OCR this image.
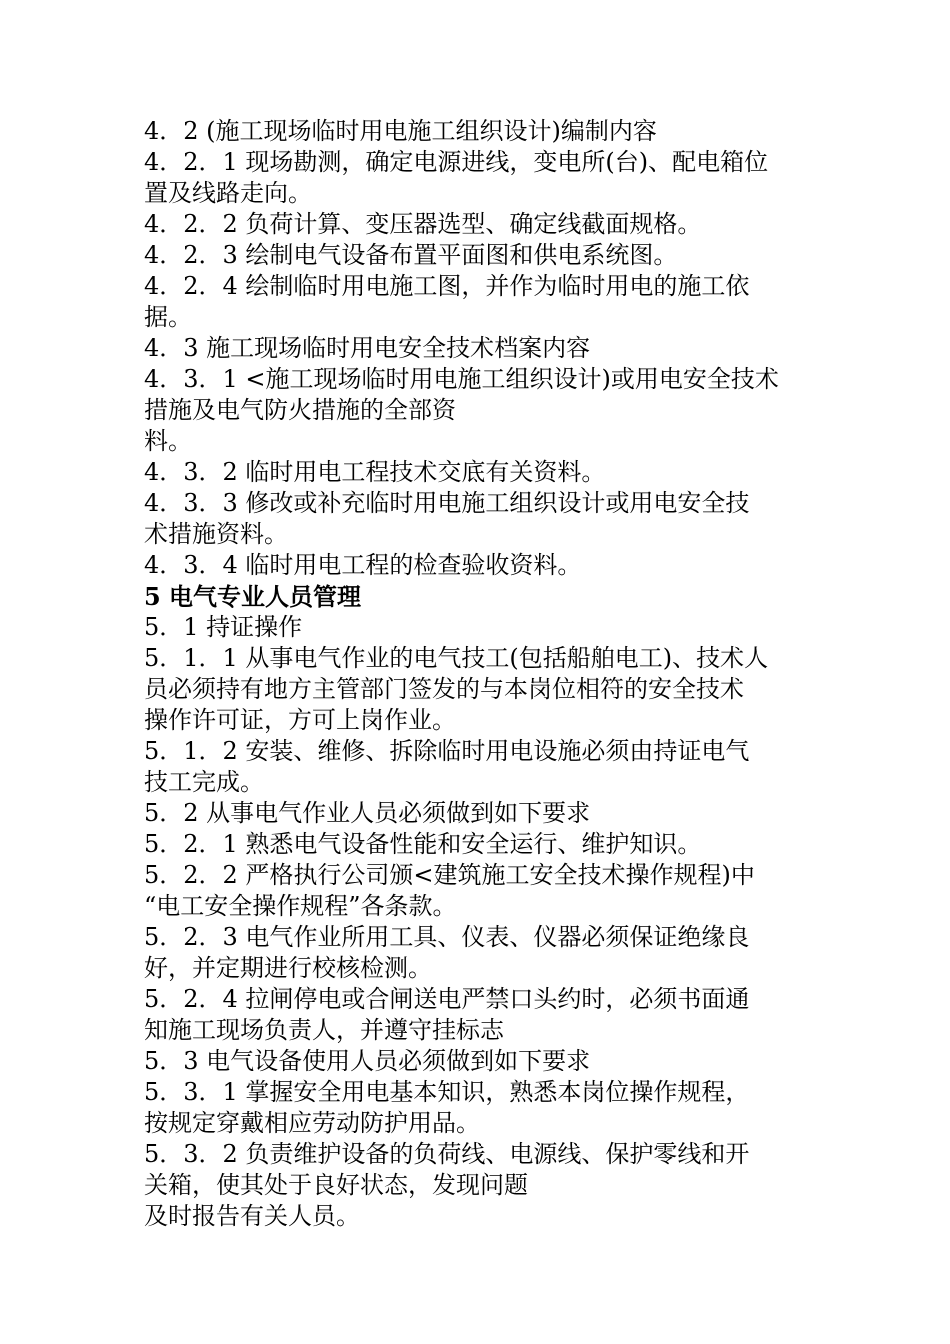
4．2 (施工现场临时用电施工组织设计)编制内容
4．2．1 现场勘测，确定电源进线，变电所(台)、配电箱位
置及线路走向。
4．2．2 负荷计算、变压器选型、确定线截面规格。
4．2．3 绘制电气设备布置平面图和供电系统图。
4．2．4 绘制临时用电施工图，并作为临时用电的施工依
据。
4．3 施工现场临时用电安全技术档案内容
4．3．1 <施工现场临时用电施工组织设计)或用电安全技术
措施及电气防火措施的全部资
料。
4．3．2 临时用电工程技术交底有关资料。
4．3．3 修改或补充临时用电施工组织设计或用电安全技
术措施资料。
4．3．4 临时用电工程的检查验收资料。
5 电气专业人员管理
5．1 持证操作
5．1．1 从事电气作业的电气技工(包括船舶电工)、技术人
员必须持有地方主管部门签发的与本岗位相符的安全技术
操作许可证，方可上岗作业。
5．1．2 安装、维修、拆除临时用电设施必须由持证电气
技工完成。
5．2 从事电气作业人员必须做到如下要求
5．2．1 熟悉电气设备性能和安全运行、维护知识。
5．2．2 严格执行公司颁<建筑施工安全技术操作规程)中
“电工安全操作规程”各条款。
5．2．3 电气作业所用工具、仪表、仪器必须保证绝缘良
好，并定期进行校核检测。
5．2．4 拉闸停电或合闸送电严禁口头约时，必须书面通
知施工现场负责人，并遵守挂标志
5．3 电气设备使用人员必须做到如下要求
5．3．1 掌握安全用电基本知识，熟悉本岗位操作规程，
按规定穿戴相应劳动防护用品。
5．3．2 负责维护设备的负荷线、电源线、保护零线和开
关箱，使其处于良好状态，发现问题
及时报告有关人员。
